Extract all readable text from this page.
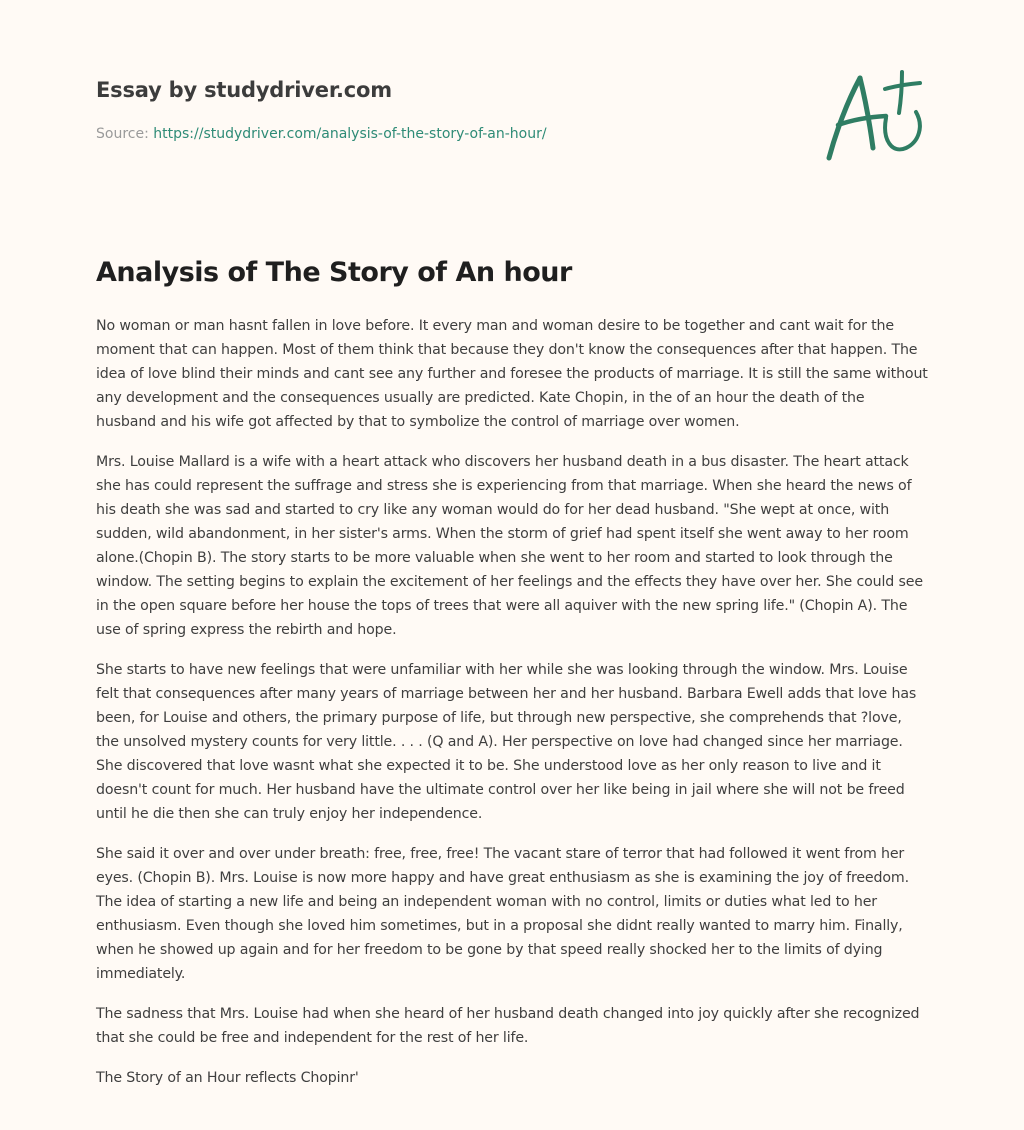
Essay by studydriver.com
Source: https://studydriver.com/analysis-of-the-story-of-an-hour/
Analysis of The Story of An hour

No woman or man hasnt fallen in love before. It every man and woman desire to be together and cant wait for the moment that can happen. Most of them think that because they don't know the consequences after that happen. The idea of love blind their minds and cant see any further and foresee the products of marriage. It is still the same without any development and the consequences usually are predicted. Kate Chopin, in the of an hour the death of the husband and his wife got affected by that to symbolize the control of marriage over women.

Mrs. Louise Mallard is a wife with a heart attack who discovers her husband death in a bus disaster. The heart attack she has could represent the suffrage and stress she is experiencing from that marriage. When she heard the news of his death she was sad and started to cry like any woman would do for her dead husband. "She wept at once, with sudden, wild abandonment, in her sister's arms. When the storm of grief had spent itself she went away to her room alone.(Chopin B). The story starts to be more valuable when she went to her room and started to look through the window. The setting begins to explain the excitement of her feelings and the effects they have over her. She could see in the open square before her house the tops of trees that were all aquiver with the new spring life." (Chopin A). The use of spring express the rebirth and hope.

She starts to have new feelings that were unfamiliar with her while she was looking through the window. Mrs. Louise felt that consequences after many years of marriage between her and her husband. Barbara Ewell adds that love has been, for Louise and others, the primary purpose of life, but through new perspective, she comprehends that ?love, the unsolved mystery counts for very little. . . . (Q and A). Her perspective on love had changed since her marriage. She discovered that love wasnt what she expected it to be. She understood love as her only reason to live and it doesn't count for much. Her husband have the ultimate control over her like being in jail where she will not be freed until he die then she can truly enjoy her independence.

She said it over and over under breath: free, free, free! The vacant stare of terror that had followed it went from her eyes. (Chopin B). Mrs. Louise is now more happy and have great enthusiasm as she is examining the joy of freedom. The idea of starting a new life and being an independent woman with no control, limits or duties what led to her enthusiasm. Even though she loved him sometimes, but in a proposal she didnt really wanted to marry him. Finally, when he showed up again and for her freedom to be gone by that speed really shocked her to the limits of dying immediately.

The sadness that Mrs. Louise had when she heard of her husband death changed into joy quickly after she recognized that she could be free and independent for the rest of her life.

The Story of an Hour reflects Chopinr'
